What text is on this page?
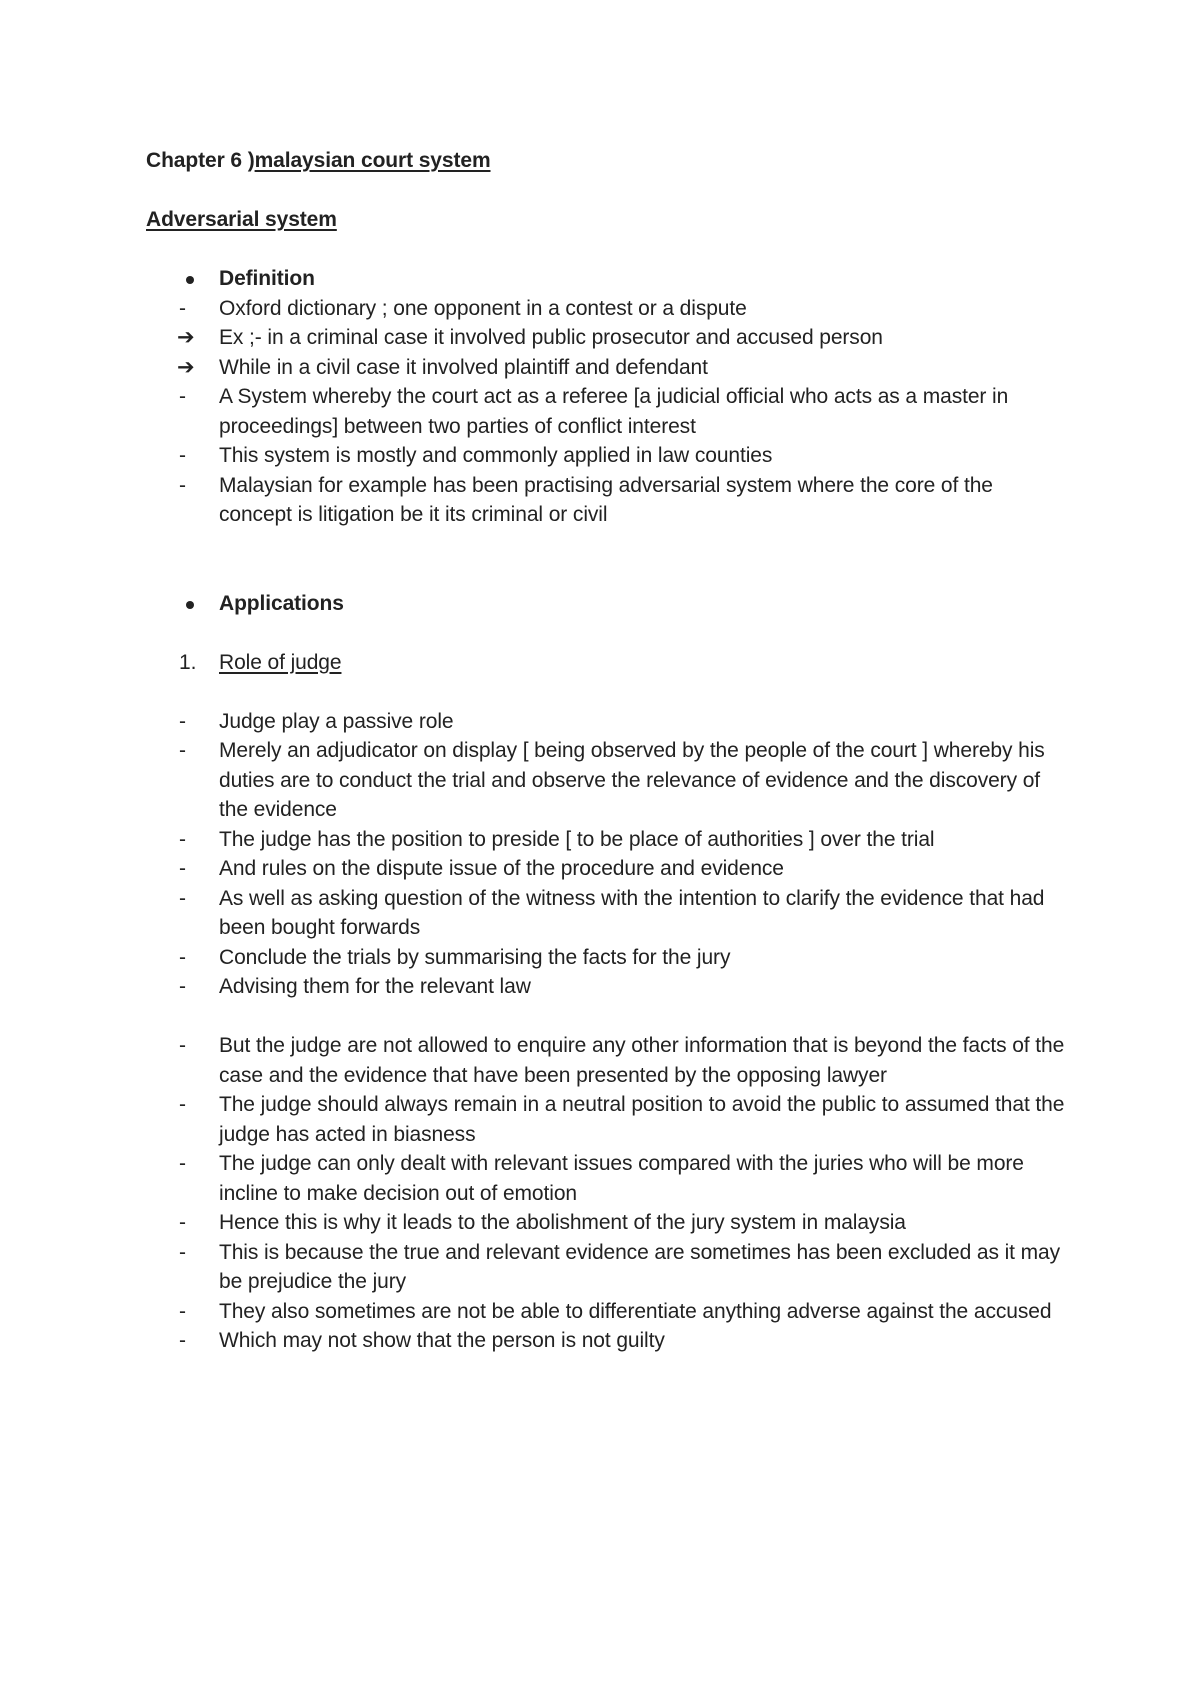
Chapter 6 )malaysian court system

Adversarial system

Definition
-	Oxford dictionary ; one opponent in a contest or a dispute
➔	Ex ;- in a criminal case it involved public prosecutor and accused person
➔	While in a civil case it involved plaintiff and defendant
-	A System whereby the court act as a referee [a judicial official who acts as a master in proceedings] between two parties of conflict interest
-	This system is mostly and commonly applied in law counties
-	Malaysian for example has been practising adversarial system where the core of the concept is litigation be it its criminal or civil
Applications
1.	Role of judge
-	Judge play a passive role
-	Merely an adjudicator on display [ being observed by the people of the court ] whereby his duties are to conduct the trial and observe the relevance of evidence and the discovery of the evidence
-	The judge has the position to preside [ to be place of authorities ] over the trial
-	And rules on the dispute issue of the procedure and evidence
-	As well as asking question of the witness with the intention to clarify the evidence that had been bought forwards
-	Conclude the trials by summarising the facts for the jury
-	Advising them for the relevant law
-	But the judge are not allowed to enquire any other information that is beyond the facts of the case and the evidence that have been presented by the opposing lawyer
-	The judge should always remain in a neutral position to avoid the public to assumed that the judge has acted in biasness
-	The judge can only dealt with relevant issues compared with the juries who will be more incline to make decision out of emotion
-	Hence this is why it leads to the abolishment of the jury system in malaysia
-	This is because the true and relevant evidence are sometimes has been excluded as it may be prejudice the jury
-	They also sometimes are not be able to differentiate anything adverse against the accused
-	Which may not show that the person is not guilty
